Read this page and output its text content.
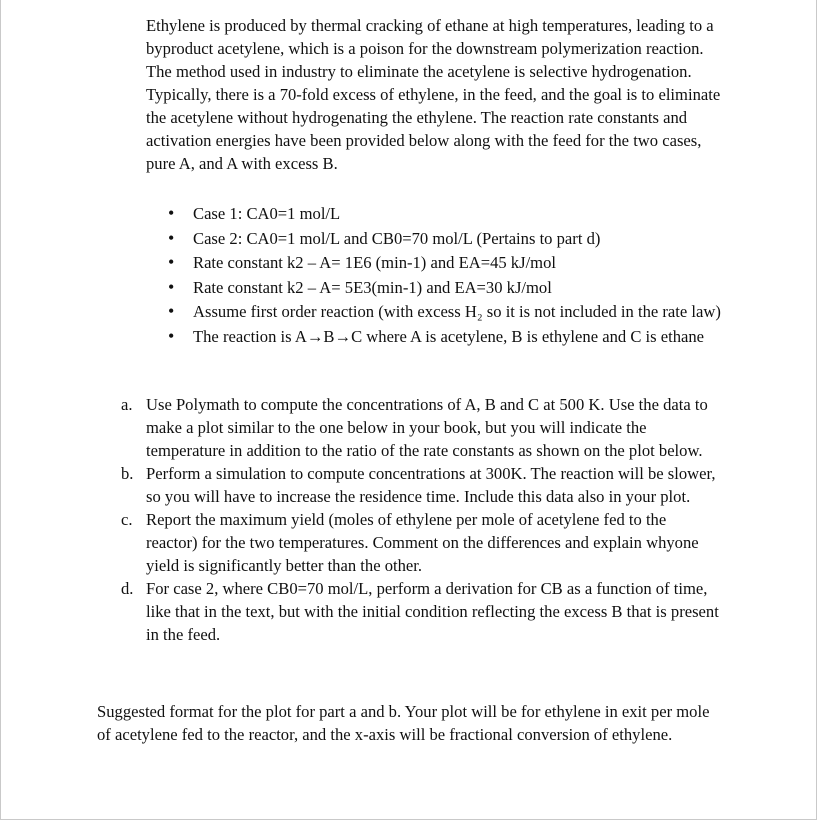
Ethylene is produced by thermal cracking of ethane at high temperatures, leading to a byproduct acetylene, which is a poison for the downstream polymerization reaction. The method used in industry to eliminate the acetylene is selective hydrogenation. Typically, there is a 70-fold excess of ethylene, in the feed, and the goal is to eliminate the acetylene without hydrogenating the ethylene. The reaction rate constants and activation energies have been provided below along with the feed for the two cases, pure A, and A with excess B.

• Case 1: CA0=1 mol/L
• Case 2: CA0=1 mol/L and CB0=70 mol/L (Pertains to part d)
• Rate constant k2 – A= 1E6 (min-1) and EA=45 kJ/mol
• Rate constant k2 – A= 5E3(min-1) and EA=30 kJ/mol
• Assume first order reaction (with excess H₂ so it is not included in the rate law)
• The reaction is A→B→C where A is acetylene, B is ethylene and C is ethane
a. Use Polymath to compute the concentrations of A, B and C at 500 K. Use the data to make a plot similar to the one below in your book, but you will indicate the temperature in addition to the ratio of the rate constants as shown on the plot below.
b. Perform a simulation to compute concentrations at 300K. The reaction will be slower, so you will have to increase the residence time. Include this data also in your plot.
c. Report the maximum yield (moles of ethylene per mole of acetylene fed to the reactor) for the two temperatures. Comment on the differences and explain whyone yield is significantly better than the other.
d. For case 2, where CB0=70 mol/L, perform a derivation for CB as a function of time, like that in the text, but with the initial condition reflecting the excess B that is present in the feed.

Suggested format for the plot for part a and b. Your plot will be for ethylene in exit per mole of acetylene fed to the reactor, and the x-axis will be fractional conversion of ethylene.
